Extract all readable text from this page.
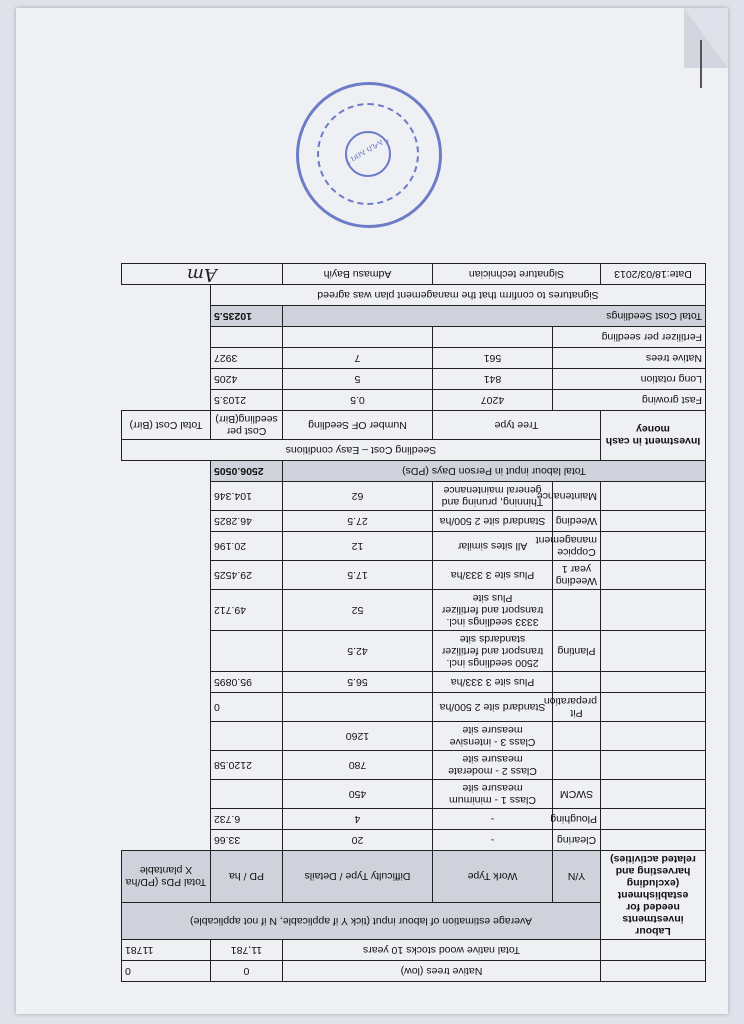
	Native trees (low)			0	0
	Total native wood stocks 10 years			11,781	11781
Labour investments needed for establishment (excluding harvesting and related activities)	Average estimation of labour input (tick Y if applicable, N if not applicable)				
	Y/N	Work Type	Difficulty Type / Details	PD / ha	Total PDs (PD/ha X plantable
	Clearing	-	20	33.66	
	Ploughing	-	4	6.732	
	SWCM	Class 1 - minimum measure site	450		
		Class 2 - moderate measure site	780	2120.58	
		Class 3 - intensive measure site	1260		
	Pit preparation	Standard site 2 500/ha		0	
		Plus site 3 333/ha	56.5	95.0895	
	Planting	2500 seedlings incl. transport and fertilizer standards site	42.5		
		3333 seedlings incl. transport and fertilizer Plus site	52	49.712	
	Weeding year 1	Plus site 3 333/ha	17.5	29.4525	
	Coppice management	All sites similar	12	20.196	
	Weeding	Standard site 2 500/ha	27.5	46.2825	
	Maintenance	Thinning, pruning and general maintenance	62	104.346	
Total labour input in Person Days (PDs)				2506.0505	
Investment in cash money	Seedling Cost – Easy conditions				
	Tree type		Number OF Seedling	Cost per seedling(Birr)	Total Cost (Birr)
Fast growing		4207	0.5	2103.5	
Long rotation		841	5	4205	
Native trees		561	7	3927	
Fertilizer per seedling					
Total Cost Seedlings				10235.5	
Signatures to confirm that the management plan was agreed					
Date:18/03/2013	Signature technician		Admasu Bayih	Am	
* አዲስ አበባ *
